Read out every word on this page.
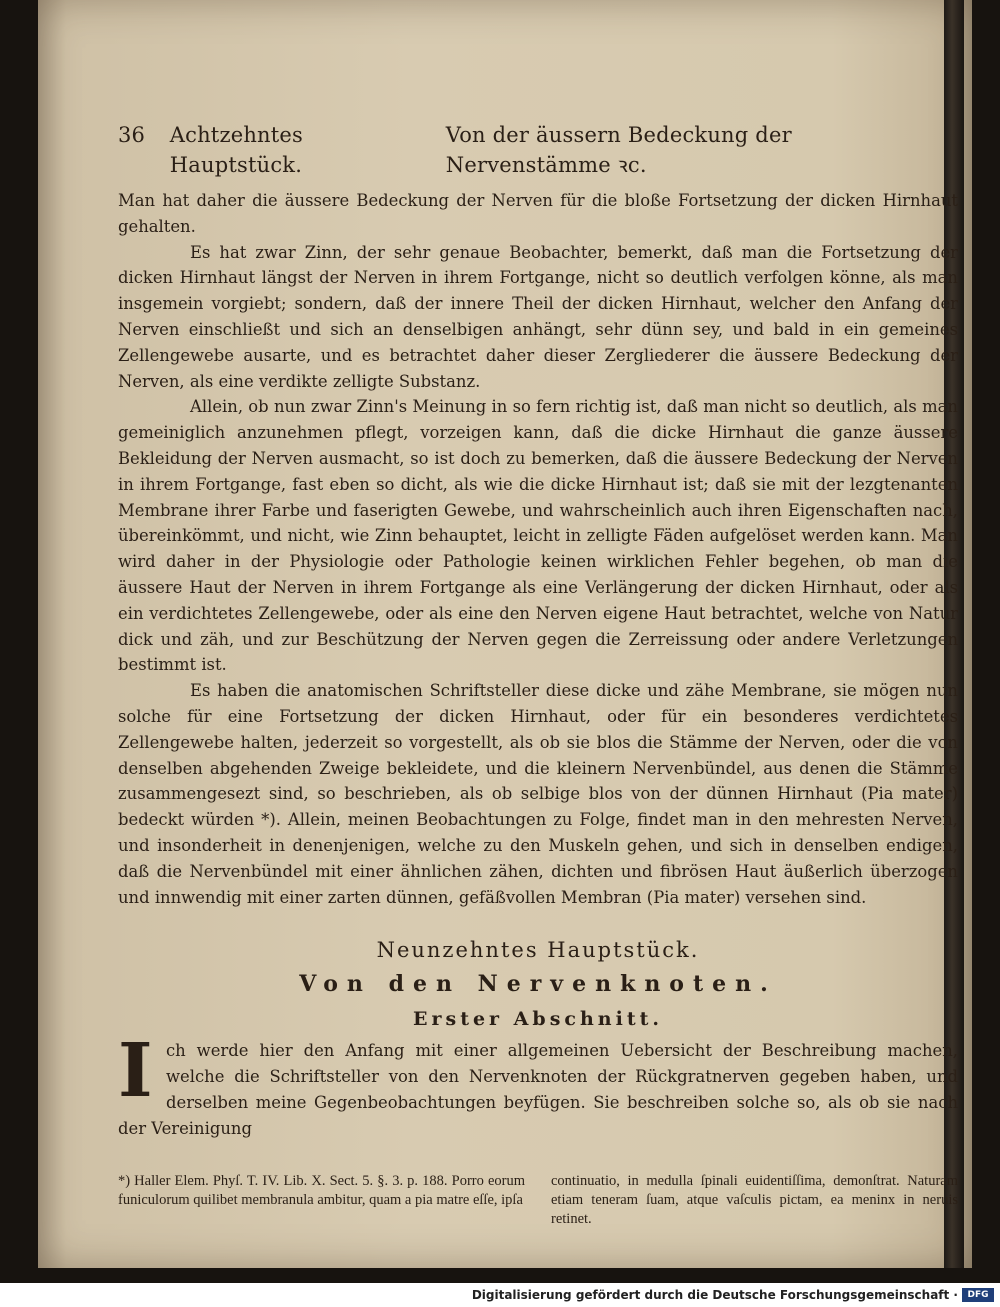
36 Achtzehntes Hauptstück.
Von der äussern Bedeckung der Nervenstämme ꝛc.

Man hat daher die äussere Bedeckung der Nerven für die bloße Fortsetzung der dicken Hirnhaut gehalten.

Es hat zwar Zinn, der sehr genaue Beobachter, bemerkt, daß man die Fortsetzung der dicken Hirnhaut längst der Nerven in ihrem Fortgange, nicht so deutlich verfolgen könne, als man insgemein vorgiebt; sondern, daß der innere Theil der dicken Hirnhaut, welcher den Anfang der Nerven einschließt und sich an denselbigen anhängt, sehr dünn sey, und bald in ein gemeines Zellengewebe ausarte, und es betrachtet daher dieser Zergliederer die äussere Bedeckung der Nerven, als eine verdikte zelligte Substanz.

Allein, ob nun zwar Zinn's Meinung in so fern richtig ist, daß man nicht so deutlich, als man gemeiniglich anzunehmen pflegt, vorzeigen kann, daß die dicke Hirnhaut die ganze äussere Bekleidung der Nerven ausmacht, so ist doch zu bemerken, daß die äussere Bedeckung der Nerven in ihrem Fortgange, fast eben so dicht, als wie die dicke Hirnhaut ist; daß sie mit der lezgtenanten Membrane ihrer Farbe und faserigten Gewebe, und wahrscheinlich auch ihren Eigenschaften nach, übereinkömmt, und nicht, wie Zinn behauptet, leicht in zelligte Fäden aufgelöset werden kann. Man wird daher in der Physiologie oder Pathologie keinen wirklichen Fehler begehen, ob man die äussere Haut der Nerven in ihrem Fortgange als eine Verlängerung der dicken Hirnhaut, oder als ein verdichtetes Zellengewebe, oder als eine den Nerven eigene Haut betrachtet, welche von Natur dick und zäh, und zur Beschützung der Nerven gegen die Zerreissung oder andere Verletzungen bestimmt ist.

Es haben die anatomischen Schriftsteller diese dicke und zähe Membrane, sie mögen nun solche für eine Fortsetzung der dicken Hirnhaut, oder für ein besonderes verdichtetes Zellengewebe halten, jederzeit so vorgestellt, als ob sie blos die Stämme der Nerven, oder die von denselben abgehenden Zweige bekleidete, und die kleinern Nervenbündel, aus denen die Stämme zusammengesezt sind, so beschrieben, als ob selbige blos von der dünnen Hirnhaut (Pia mater) bedeckt würden *). Allein, meinen Beobachtungen zu Folge, findet man in den mehresten Nerven, und insonderheit in denenjenigen, welche zu den Muskeln gehen, und sich in denselben endigen, daß die Nervenbündel mit einer ähnlichen zähen, dichten und fibrösen Haut äußerlich überzogen und innwendig mit einer zarten dünnen, gefäßvollen Membran (Pia mater) versehen sind.

Neunzehntes Hauptstück.
Von den Nervenknoten.
Erster Abschnitt.
I ch werde hier den Anfang mit einer allgemeinen Uebersicht der Beschreibung machen, welche die Schriftsteller von den Nervenknoten der Rückgratnerven gegeben haben, und derselben meine Gegenbeobachtungen beyfügen. Sie beschreiben solche so, als ob sie nach der Vereinigung

*) Haller Elem. Phyſ. T. IV. Lib. X. Sect. 5. §. 3. p. 188. Porro eorum funiculorum quilibet membranula ambitur, quam a pia matre eſſe, ipſa
continuatio, in medulla ſpinali euidentiſſima, demonſtrat. Naturam etiam teneram ſuam, atque vaſculis pictam, ea meninx in neruis retinet.
Digitalisierung gefördert durch die Deutsche Forschungsgemeinschaft ·	DFG
